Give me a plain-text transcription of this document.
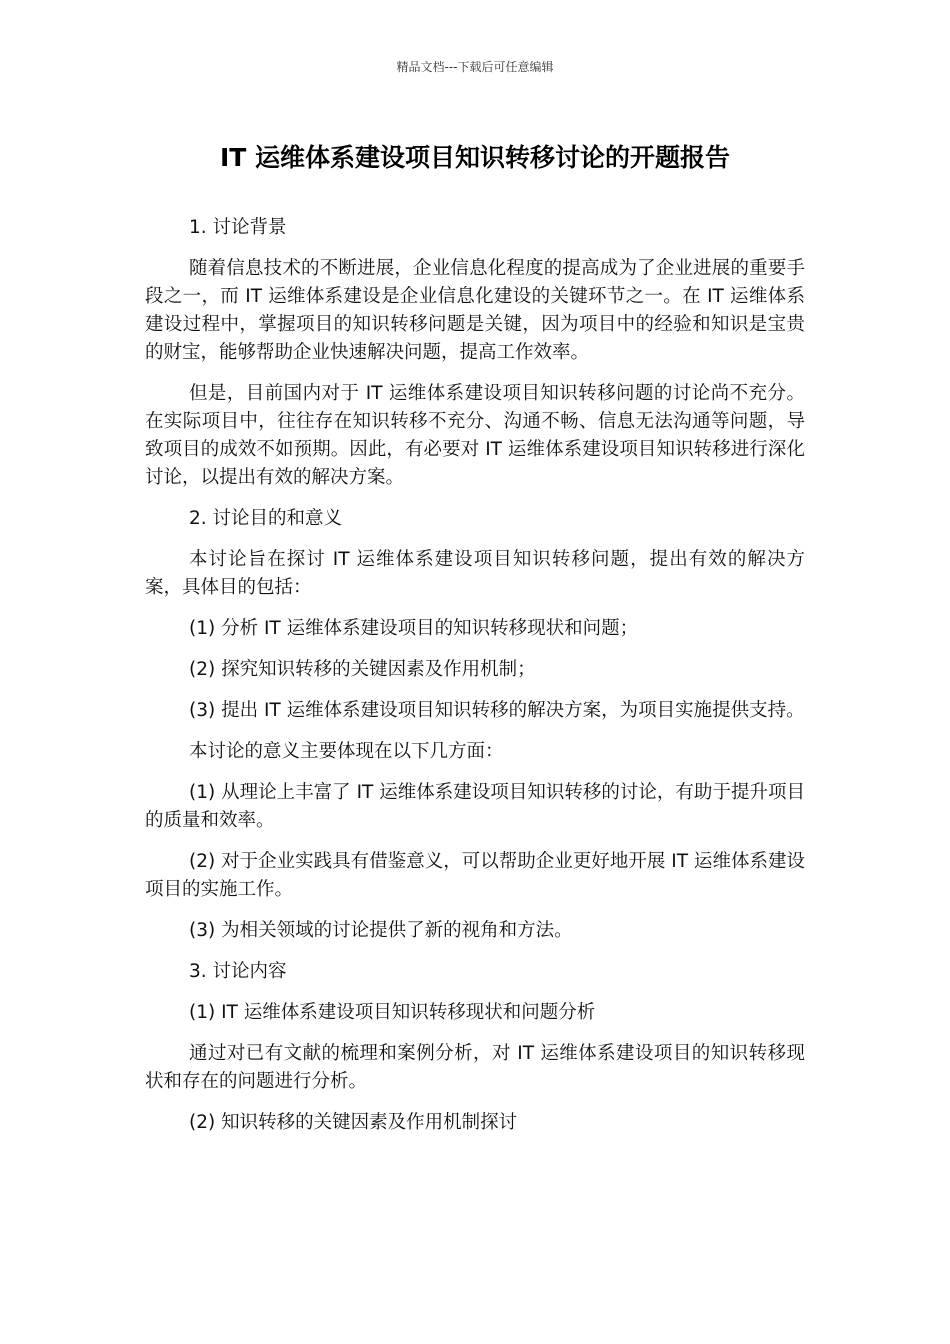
精品文档---下载后可任意编辑
IT 运维体系建设项目知识转移讨论的开题报告

1. 讨论背景

随着信息技术的不断进展，企业信息化程度的提高成为了企业进展的重要手段之一，而 IT 运维体系建设是企业信息化建设的关键环节之一。在 IT 运维体系建设过程中，掌握项目的知识转移问题是关键，因为项目中的经验和知识是宝贵的财宝，能够帮助企业快速解决问题，提高工作效率。

但是，目前国内对于 IT 运维体系建设项目知识转移问题的讨论尚不充分。在实际项目中，往往存在知识转移不充分、沟通不畅、信息无法沟通等问题，导致项目的成效不如预期。因此，有必要对 IT 运维体系建设项目知识转移进行深化讨论，以提出有效的解决方案。

2. 讨论目的和意义

本讨论旨在探讨 IT 运维体系建设项目知识转移问题，提出有效的解决方案，具体目的包括：

(1) 分析 IT 运维体系建设项目的知识转移现状和问题；

(2) 探究知识转移的关键因素及作用机制；

(3) 提出 IT 运维体系建设项目知识转移的解决方案，为项目实施提供支持。

本讨论的意义主要体现在以下几方面：

(1) 从理论上丰富了 IT 运维体系建设项目知识转移的讨论，有助于提升项目的质量和效率。

(2) 对于企业实践具有借鉴意义，可以帮助企业更好地开展 IT 运维体系建设项目的实施工作。

(3) 为相关领域的讨论提供了新的视角和方法。

3. 讨论内容

(1) IT 运维体系建设项目知识转移现状和问题分析

通过对已有文献的梳理和案例分析，对 IT 运维体系建设项目的知识转移现状和存在的问题进行分析。

(2) 知识转移的关键因素及作用机制探讨
